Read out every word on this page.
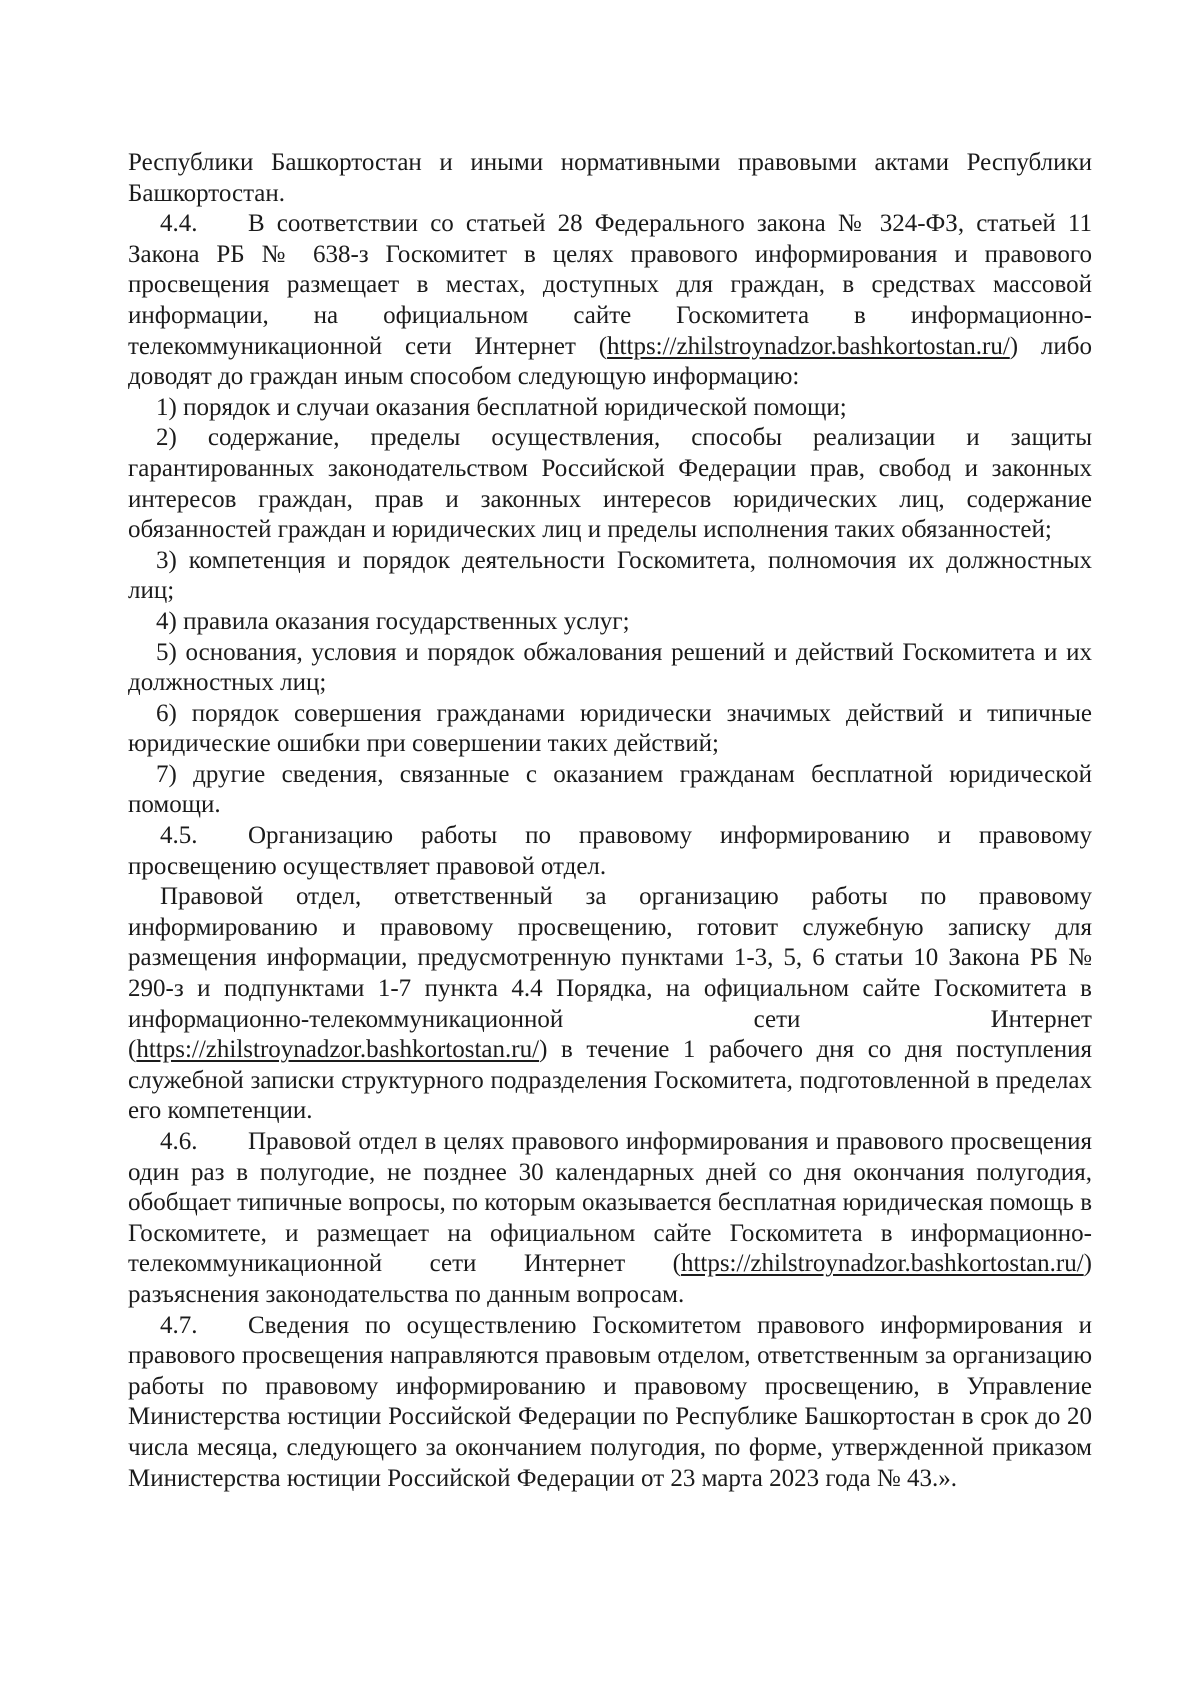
Республики Башкортостан и иными нормативными правовыми актами Республики Башкортостан.

4.4. В соответствии со статьей 28 Федерального закона № 324-ФЗ, статьей 11 Закона РБ № 638-з Госкомитет в целях правового информирования и правового просвещения размещает в местах, доступных для граждан, в средствах массовой информации, на официальном сайте Госкомитета в информационно-телекоммуникационной сети Интернет (https://zhilstroynadzor.bashkortostan.ru/) либо доводят до граждан иным способом следующую информацию:

1) порядок и случаи оказания бесплатной юридической помощи;

2) содержание, пределы осуществления, способы реализации и защиты гарантированных законодательством Российской Федерации прав, свобод и законных интересов граждан, прав и законных интересов юридических лиц, содержание обязанностей граждан и юридических лиц и пределы исполнения таких обязанностей;

3) компетенция и порядок деятельности Госкомитета, полномочия их должностных лиц;

4) правила оказания государственных услуг;

5) основания, условия и порядок обжалования решений и действий Госкомитета и их должностных лиц;

6) порядок совершения гражданами юридически значимых действий и типичные юридические ошибки при совершении таких действий;

7) другие сведения, связанные с оказанием гражданам бесплатной юридической помощи.

4.5. Организацию работы по правовому информированию и правовому просвещению осуществляет правовой отдел.

Правовой отдел, ответственный за организацию работы по правовому информированию и правовому просвещению, готовит служебную записку для размещения информации, предусмотренную пунктами 1-3, 5, 6 статьи 10 Закона РБ № 290-з и подпунктами 1-7 пункта 4.4 Порядка, на официальном сайте Госкомитета в информационно-телекоммуникационной сети Интернет (https://zhilstroynadzor.bashkortostan.ru/) в течение 1 рабочего дня со дня поступления служебной записки структурного подразделения Госкомитета, подготовленной в пределах его компетенции.

4.6. Правовой отдел в целях правового информирования и правового просвещения один раз в полугодие, не позднее 30 календарных дней со дня окончания полугодия, обобщает типичные вопросы, по которым оказывается бесплатная юридическая помощь в Госкомитете, и размещает на официальном сайте Госкомитета в информационно- телекоммуникационной сети Интернет (https://zhilstroynadzor.bashkortostan.ru/) разъяснения законодательства по данным вопросам.

4.7. Сведения по осуществлению Госкомитетом правового информирования и правового просвещения направляются правовым отделом, ответственным за организацию работы по правовому информированию и правовому просвещению, в Управление Министерства юстиции Российской Федерации по Республике Башкортостан в срок до 20 числа месяца, следующего за окончанием полугодия, по форме, утвержденной приказом Министерства юстиции Российской Федерации от 23 марта 2023 года № 43.».
